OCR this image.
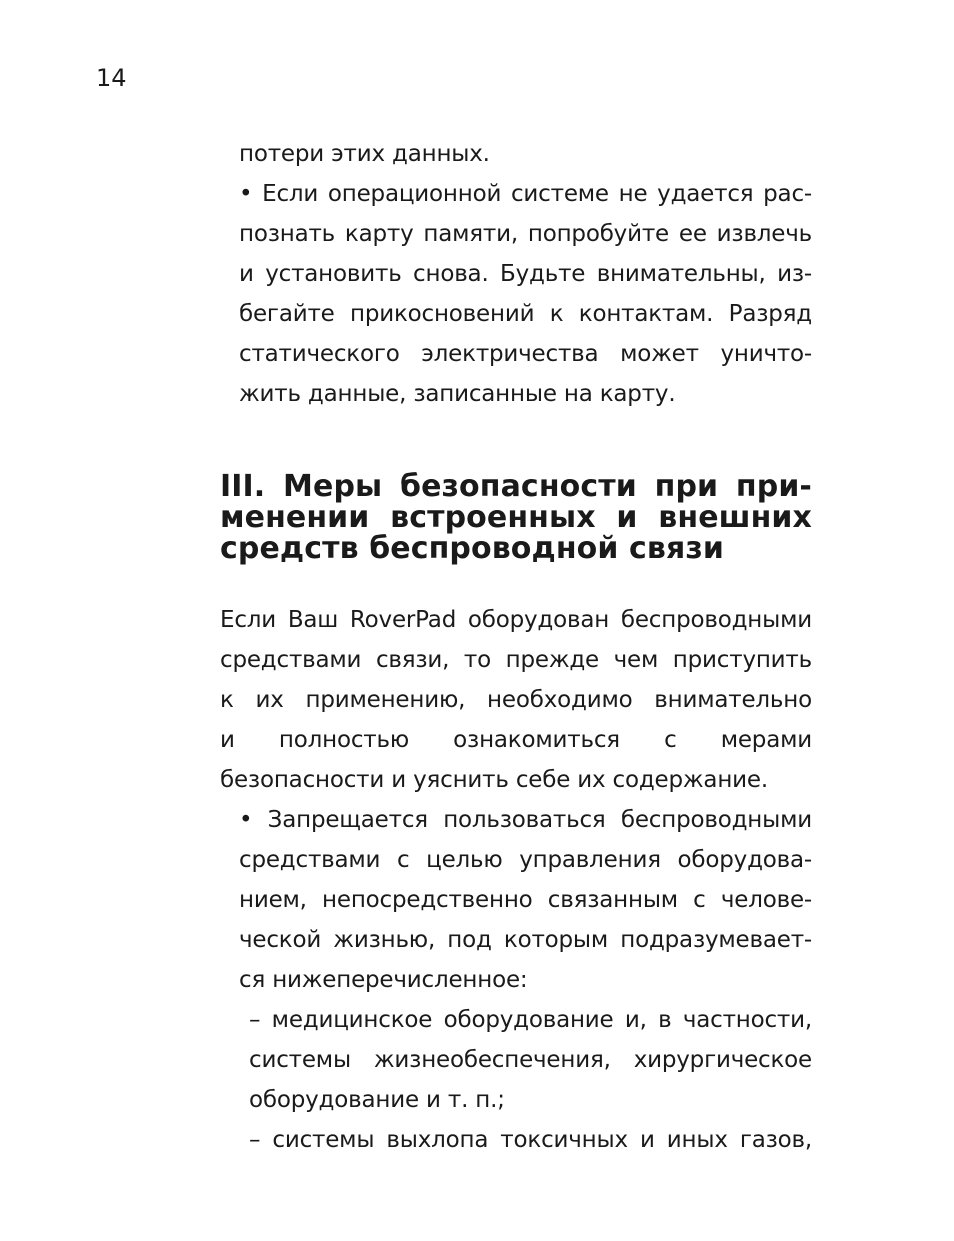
14

потери этих данных.

• Если операционной системе не удается рас-
познать карту памяти, попробуйте ее извлечь
и установить снова. Будьте внимательны, из-
бегайте прикосновений к контактам. Разряд
статического электричества может уничто-
жить данные, записанные на карту.

III. Меры безопасности при при-
менении встроенных и внешних
средств беспроводной связи

Если Ваш RoverPad оборудован беспроводными
средствами связи, то прежде чем приступить
к их применению, необходимо внимательно
и полностью ознакомиться с мерами
безопасности и уяснить себе их содержание.

• Запрещается пользоваться беспроводными
средствами с целью управления оборудова-
нием, непосредственно связанным с челове-
ческой жизнью, под которым подразумевает-
ся нижеперечисленное:

– медицинское оборудование и, в частности,
системы жизнеобеспечения, хирургическое
оборудование и т. п.;

– системы выхлопа токсичных и иных газов,
